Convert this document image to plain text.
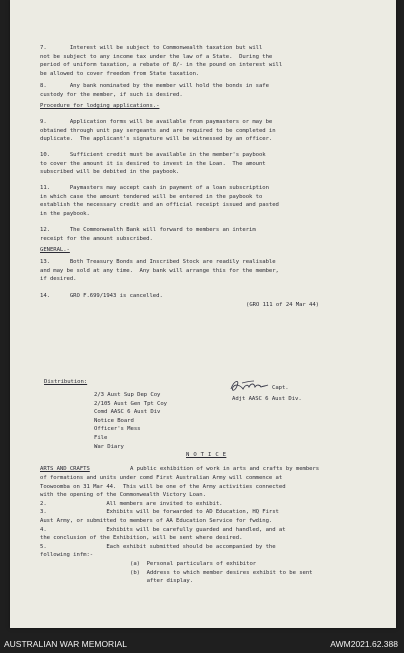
7.       Interest will be subject to Commonwealth taxation but will
not be subject to any income tax under the law of a State.  During the
period of uniform taxation, a rebate of 8/- in the pound on interest will
be allowed to cover freedom from State taxation.
8.       Any bank nominated by the member will hold the bonds in safe
custody for the member, if such is desired.
Procedure for lodging applications.-
9.       Application forms will be available from paymasters or may be
obtained through unit pay sergeants and are required to be completed in
duplicate.  The applicant's signature will be witnessed by an officer.
10.      Sufficient credit must be available in the member's paybook
to cover the amount it is desired to invest in the Loan.  The amount
subscribed will be debited in the paybook.
11.      Paymasters may accept cash in payment of a loan subscription
in which case the amount tendered will be entered in the paybook to
establish the necessary credit and an official receipt issued and pasted
in the paybook.
12.      The Commonwealth Bank will forward to members an interim
receipt for the amount subscribed.
GENERAL.-
13.      Both Treasury Bonds and Inscribed Stock are readily realisable
and may be sold at any time.  Any bank will arrange this for the member,
if desired.
14.      GRO F.699/1943 is cancelled.
(GRO 111 of 24 Mar 44)
Capt.
Adjt AASC 6 Aust Div.
Distribution:
2/3 Aust Sup Dep Coy
2/105 Aust Gen Tpt Coy
Comd AASC 6 Aust Div
Notice Board
Officer's Mess
File
War Diary
N O T I C E
ARTS AND CRAFTS	A public exhibition of work in arts and crafts by members
of formations and units under comd First Australian Army will commence at
Toowoomba on 31 Mar 44.  This will be one of the Army activities connected
with the opening of the Commonwealth Victory Loan.
2.                  All members are invited to exhibit.
3.                  Exhibits will be forwarded to AD Education, HQ First
Aust Army, or submitted to members of AA Education Service for fwding.
4.                  Exhibits will be carefully guarded and handled, and at
the conclusion of the Exhibition, will be sent where desired.
5.                  Each exhibit submitted should be accompanied by the
following infm:-
(a)  Personal particulars of exhibitor
(b)  Address to which member desires exhibit to be sent
after display.
AUSTRALIAN WAR MEMORIAL	AWM2021.62.388
